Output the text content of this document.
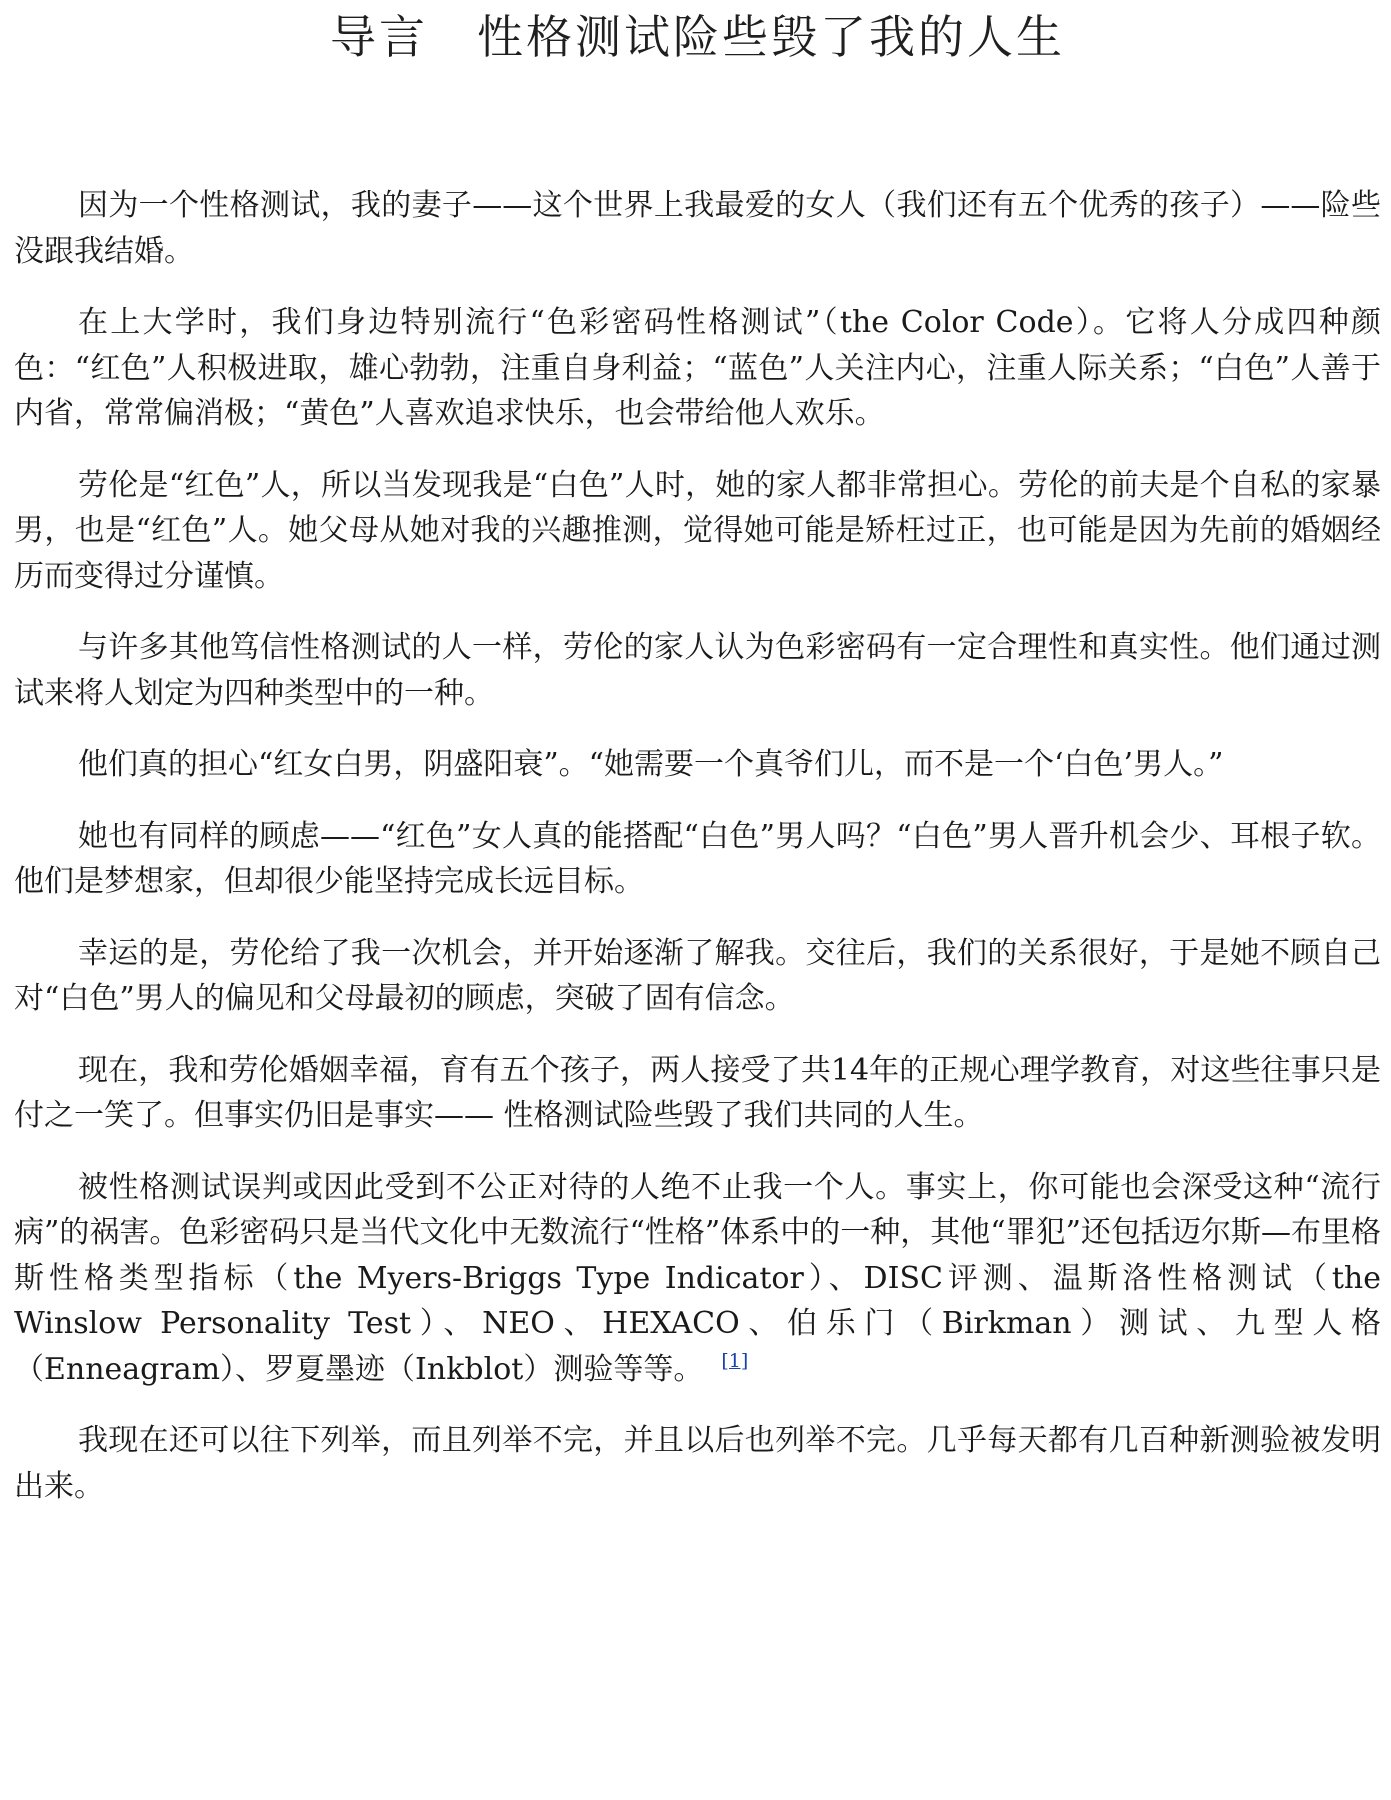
导言　性格测试险些毁了我的人生

因为一个性格测试，我的妻子——这个世界上我最爱的女人（我们还有五个优秀的孩子）——险些没跟我结婚。

在上大学时，我们身边特别流行“色彩密码性格测试”（the Color Code）。它将人分成四种颜色：“红色”人积极进取，雄心勃勃，注重自身利益；“蓝色”人关注内心，注重人际关系；“白色”人善于内省，常常偏消极；“黄色”人喜欢追求快乐，也会带给他人欢乐。

劳伦是“红色”人，所以当发现我是“白色”人时，她的家人都非常担心。劳伦的前夫是个自私的家暴男，也是“红色”人。她父母从她对我的兴趣推测，觉得她可能是矫枉过正，也可能是因为先前的婚姻经历而变得过分谨慎。

与许多其他笃信性格测试的人一样，劳伦的家人认为色彩密码有一定合理性和真实性。他们通过测试来将人划定为四种类型中的一种。

他们真的担心“红女白男，阴盛阳衰”。“她需要一个真爷们儿，而不是一个‘白色’男人。”

她也有同样的顾虑——“红色”女人真的能搭配“白色”男人吗？“白色”男人晋升机会少、耳根子软。他们是梦想家，但却很少能坚持完成长远目标。

幸运的是，劳伦给了我一次机会，并开始逐渐了解我。交往后，我们的关系很好，于是她不顾自己对“白色”男人的偏见和父母最初的顾虑，突破了固有信念。

现在，我和劳伦婚姻幸福，育有五个孩子，两人接受了共14年的正规心理学教育，对这些往事只是付之一笑了。但事实仍旧是事实—— 性格测试险些毁了我们共同的人生。

被性格测试误判或因此受到不公正对待的人绝不止我一个人。事实上，你可能也会深受这种“流行病”的祸害。色彩密码只是当代文化中无数流行“性格”体系中的一种，其他“罪犯”还包括迈尔斯—布里格斯性格类型指标（the Myers-Briggs Type Indicator）、DISC评测、温斯洛性格测试（the Winslow Personality Test）、NEO、HEXACO、伯乐门（Birkman）测试、九型人格（Enneagram）、罗夏墨迹（Inkblot）测验等等。 [1]

我现在还可以往下列举，而且列举不完，并且以后也列举不完。几乎每天都有几百种新测验被发明出来。
